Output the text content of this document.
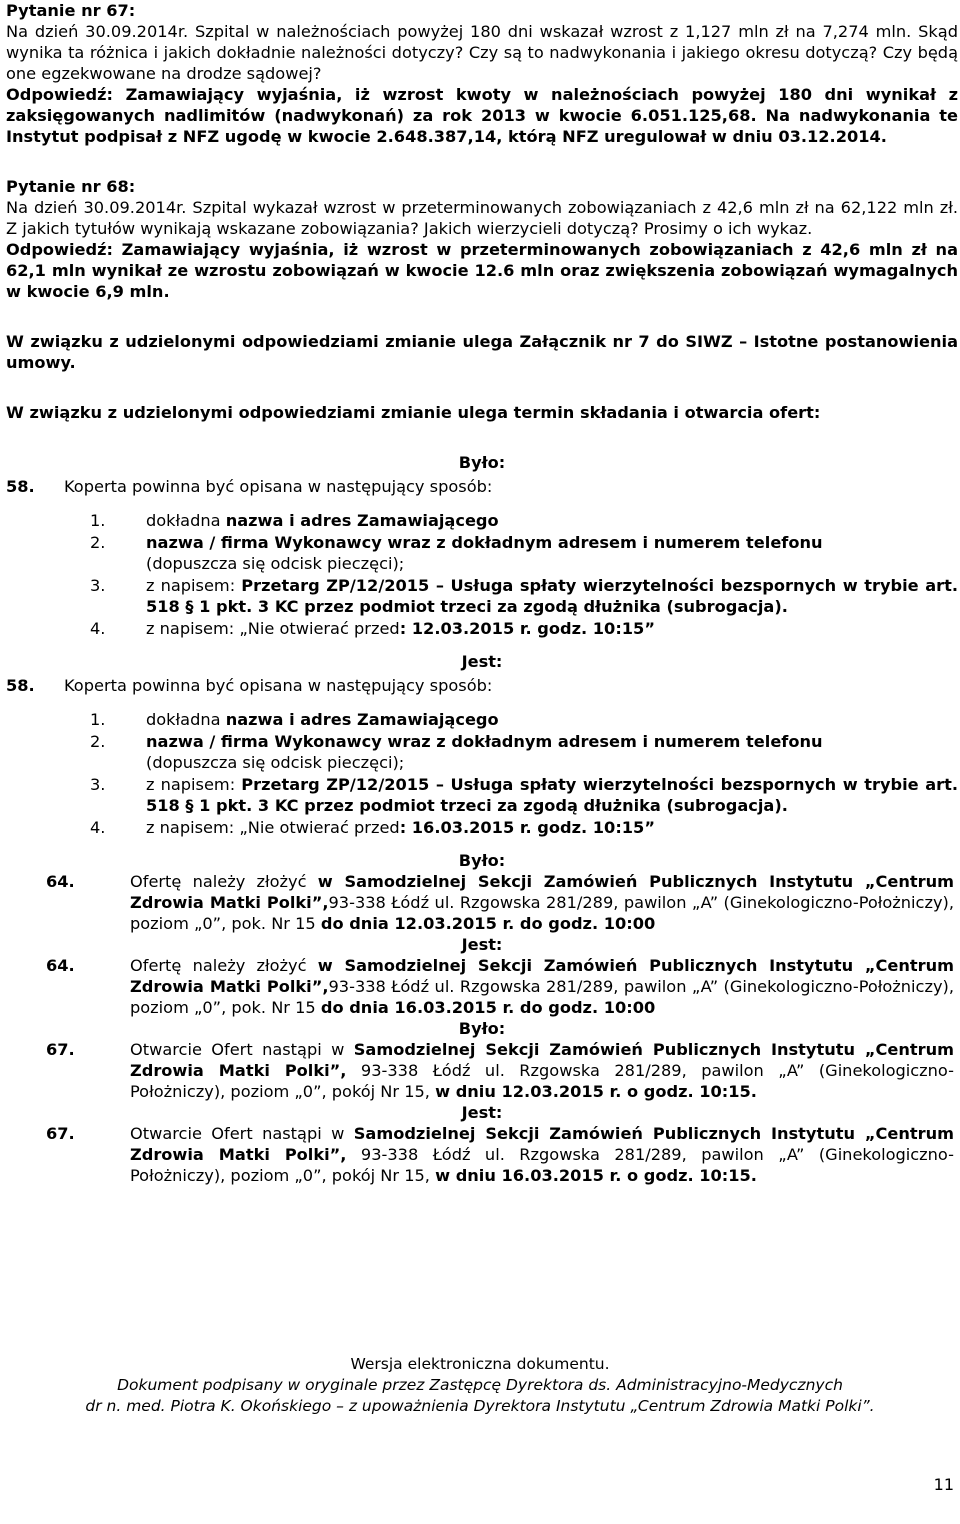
Pytanie nr 67:

Na dzień 30.09.2014r. Szpital w należnościach powyżej 180 dni wskazał wzrost z 1,127 mln zł na 7,274 mln. Skąd wynika ta różnica i jakich dokładnie należności dotyczy? Czy są to nadwykonania i jakiego okresu dotyczą? Czy będą one egzekwowane na drodze sądowej?

Odpowiedź: Zamawiający wyjaśnia, iż wzrost kwoty w należnościach powyżej 180 dni wynikał z zaksięgowanych nadlimitów (nadwykonań) za rok 2013 w kwocie 6.051.125,68. Na nadwykonania te Instytut podpisał z NFZ ugodę w kwocie 2.648.387,14, którą NFZ uregulował w dniu 03.12.2014.

Pytanie nr 68:

Na dzień 30.09.2014r. Szpital wykazał wzrost w przeterminowanych zobowiązaniach z 42,6 mln zł na 62,122 mln zł. Z jakich tytułów wynikają wskazane zobowiązania? Jakich wierzycieli dotyczą? Prosimy o ich wykaz.

Odpowiedź: Zamawiający wyjaśnia, iż wzrost w przeterminowanych zobowiązaniach z 42,6 mln zł na 62,1 mln wynikał ze wzrostu zobowiązań w kwocie 12.6 mln oraz zwiększenia zobowiązań wymagalnych w kwocie 6,9 mln.

W związku z udzielonymi odpowiedziami zmianie ulega Załącznik nr 7 do SIWZ – Istotne postanowienia umowy.

W związku z udzielonymi odpowiedziami zmianie ulega termin składania i otwarcia ofert:

Było:

58.	Koperta powinna być opisana w następujący sposób:
1.	dokładna nazwa i adres Zamawiającego
2.	nazwa / firma Wykonawcy wraz z dokładnym adresem i numerem telefonu
(dopuszcza się odcisk pieczęci);
3.	z napisem: Przetarg ZP/12/2015 – Usługa spłaty wierzytelności bezspornych w trybie art. 518 § 1 pkt. 3 KC przez podmiot trzeci za zgodą dłużnika (subrogacja).
4.	z napisem: „Nie otwierać przed: 12.03.2015 r. godz. 10:15”

Jest:

58.	Koperta powinna być opisana w następujący sposób:
1.	dokładna nazwa i adres Zamawiającego
2.	nazwa / firma Wykonawcy wraz z dokładnym adresem i numerem telefonu
(dopuszcza się odcisk pieczęci);
3.	z napisem: Przetarg ZP/12/2015 – Usługa spłaty wierzytelności bezspornych w trybie art. 518 § 1 pkt. 3 KC przez podmiot trzeci za zgodą dłużnika (subrogacja).
4.	z napisem: „Nie otwierać przed: 16.03.2015 r. godz. 10:15”

Było:

64.	Ofertę należy złożyć w Samodzielnej Sekcji Zamówień Publicznych Instytutu „Centrum Zdrowia Matki Polki”,93-338 Łódź ul. Rzgowska 281/289, pawilon „A” (Ginekologiczno-Położniczy), poziom „0”, pok. Nr 15 do dnia 12.03.2015 r. do godz. 10:00

Jest:

64.	Ofertę należy złożyć w Samodzielnej Sekcji Zamówień Publicznych Instytutu „Centrum Zdrowia Matki Polki”,93-338 Łódź ul. Rzgowska 281/289, pawilon „A” (Ginekologiczno-Położniczy), poziom „0”, pok. Nr 15 do dnia 16.03.2015 r. do godz. 10:00

Było:

67.	Otwarcie Ofert nastąpi w Samodzielnej Sekcji Zamówień Publicznych Instytutu „Centrum Zdrowia Matki Polki”, 93-338 Łódź ul. Rzgowska 281/289, pawilon „A” (Ginekologiczno-Położniczy), poziom „0”, pokój Nr 15, w dniu 12.03.2015 r. o godz. 10:15.

Jest:

67.	Otwarcie Ofert nastąpi w Samodzielnej Sekcji Zamówień Publicznych Instytutu „Centrum Zdrowia Matki Polki”, 93-338 Łódź ul. Rzgowska 281/289, pawilon „A” (Ginekologiczno-Położniczy), poziom „0”, pokój Nr 15, w dniu 16.03.2015 r. o godz. 10:15.
Wersja elektroniczna dokumentu.
Dokument podpisany w oryginale przez Zastępcę Dyrektora ds. Administracyjno-Medycznych
dr n. med. Piotra K. Okońskiego – z upoważnienia Dyrektora Instytutu „Centrum Zdrowia Matki Polki”.
11
